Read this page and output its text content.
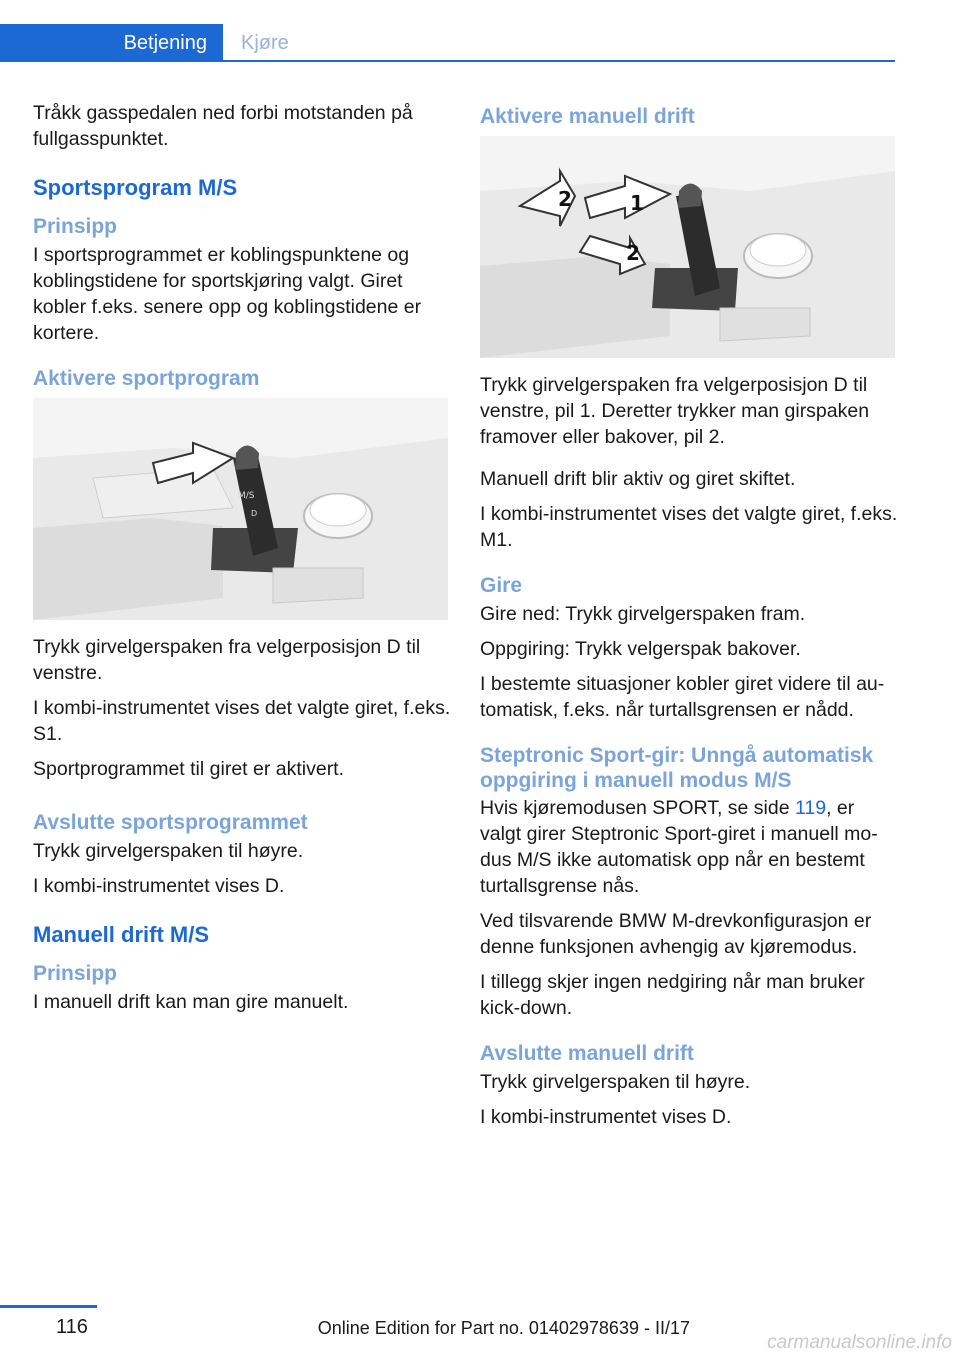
Betjening	Kjøre

Tråkk gasspedalen ned forbi motstanden på fullgasspunktet.

Sportsprogram M/S
Prinsipp

I sportsprogrammet er koblingspunktene og koblingstidene for sportskjøring valgt. Giret kobler f.eks. senere opp og koblingstidene er kortere.

Aktivere sportprogram
M/S
D

Trykk girvelgerspaken fra velgerposisjon D til venstre.

I kombi-instrumentet vises det valgte giret, f.eks. S1.

Sportprogrammet til giret er aktivert.

Avslutte sportsprogrammet

Trykk girvelgerspaken til høyre.

I kombi-instrumentet vises D.

Manuell drift M/S
Prinsipp

I manuell drift kan man gire manuelt.

Aktivere manuell drift
1
2
2

Trykk girvelgerspaken fra velgerposisjon D til venstre, pil 1. Deretter trykker man girspaken framover eller bakover, pil 2.

Manuell drift blir aktiv og giret skiftet.

I kombi-instrumentet vises det valgte giret, f.eks. M1.

Gire

Gire ned: Trykk girvelgerspaken fram.

Oppgiring: Trykk velgerspak bakover.

I bestemte situasjoner kobler giret videre til au-tomatisk, f.eks. når turtallsgrensen er nådd.

Steptronic Sport-gir: Unngå automatisk oppgiring i manuell modus M/S

Hvis kjøremodusen SPORT, se side 119, er valgt girer Steptronic Sport-giret i manuell mo-dus M/S ikke automatisk opp når en bestemt turtallsgrense nås.

Ved tilsvarende BMW M-drevkonfigurasjon er denne funksjonen avhengig av kjøremodus.

I tillegg skjer ingen nedgiring når man bruker kick-down.

Avslutte manuell drift

Trykk girvelgerspaken til høyre.

I kombi-instrumentet vises D.

116	Online Edition for Part no. 01402978639 - II/17
carmanualsonline.info
